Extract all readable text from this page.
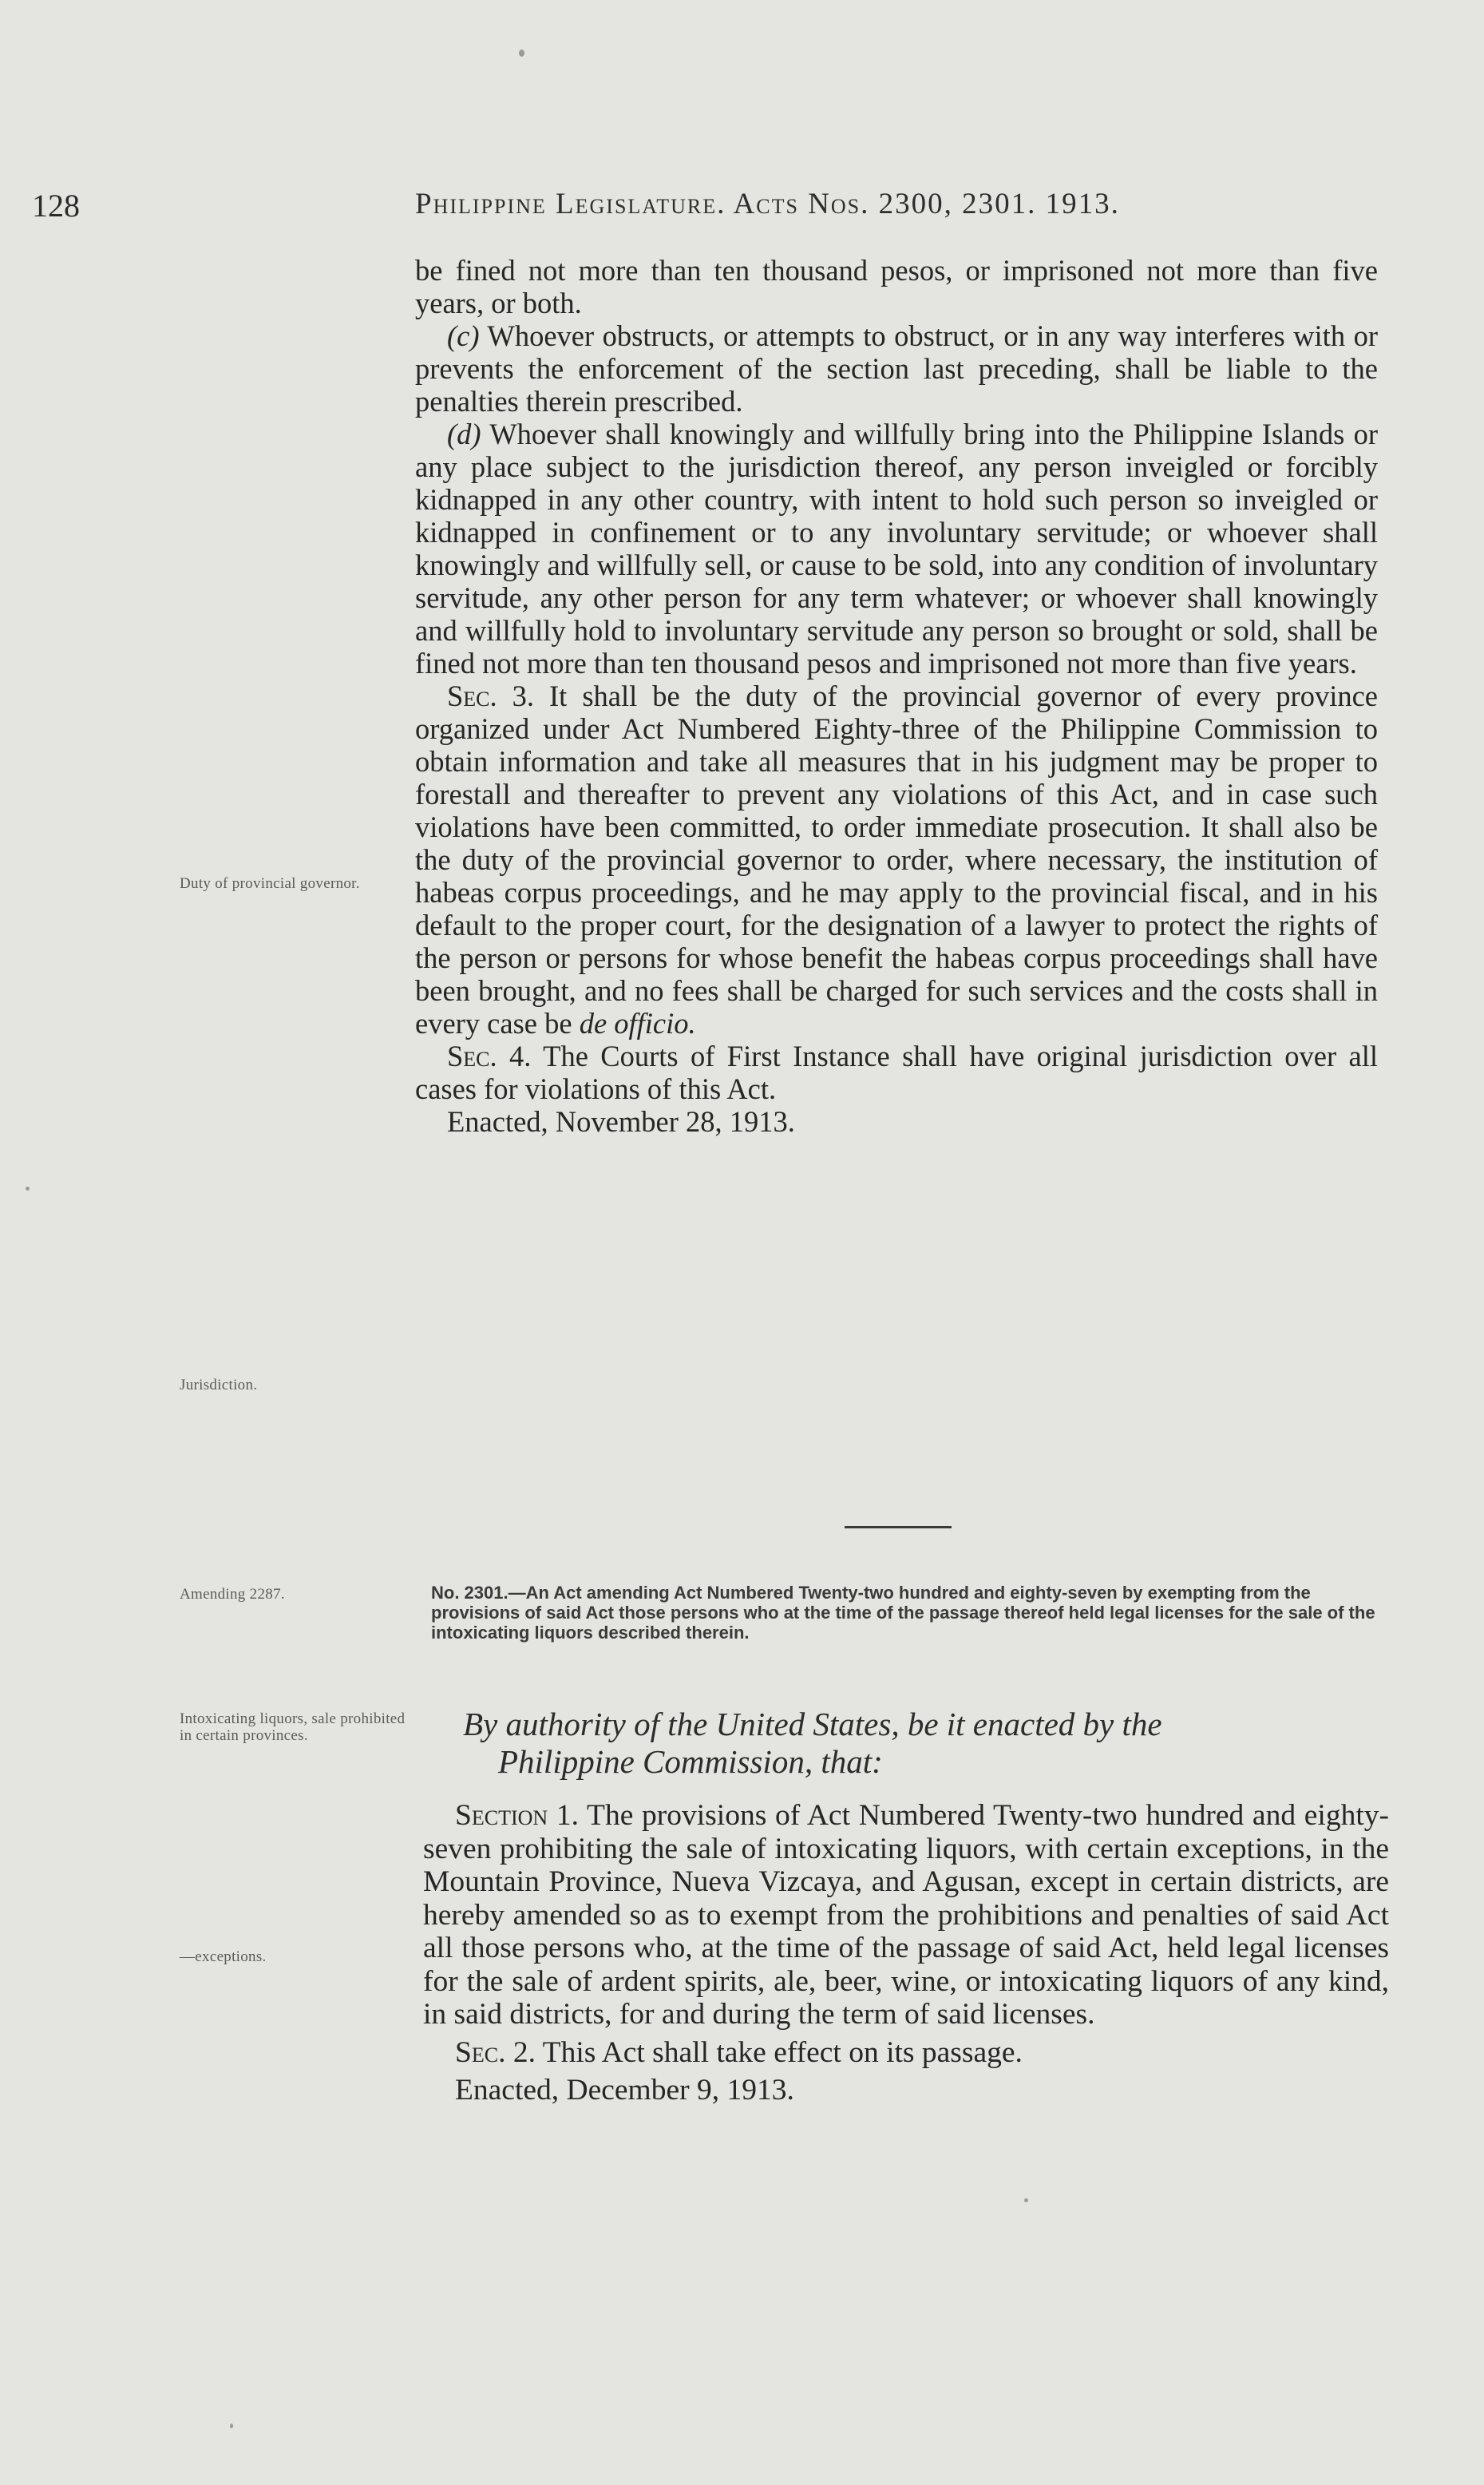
128	Philippine Legislature. Acts Nos. 2300, 2301. 1913.

be fined not more than ten thousand pesos, or imprisoned not more than five years, or both.

(c) Whoever obstructs, or attempts to obstruct, or in any way interferes with or prevents the enforcement of the section last preceding, shall be liable to the penalties therein prescribed.

(d) Whoever shall knowingly and willfully bring into the Philippine Islands or any place subject to the jurisdiction thereof, any person inveigled or forcibly kidnapped in any other country, with intent to hold such person so inveigled or kidnapped in confinement or to any involuntary servitude; or whoever shall knowingly and willfully sell, or cause to be sold, into any condition of involuntary servitude, any other person for any term whatever; or whoever shall knowingly and willfully hold to involuntary servitude any person so brought or sold, shall be fined not more than ten thousand pesos and imprisoned not more than five years.

Sec. 3. It shall be the duty of the provincial governor of every province organized under Act Numbered Eighty-three of the Philippine Commission to obtain information and take all measures that in his judgment may be proper to forestall and thereafter to prevent any violations of this Act, and in case such violations have been committed, to order immediate prosecution. It shall also be the duty of the provincial governor to order, where necessary, the institution of habeas corpus proceedings, and he may apply to the provincial fiscal, and in his default to the proper court, for the designation of a lawyer to protect the rights of the person or persons for whose benefit the habeas corpus proceedings shall have been brought, and no fees shall be charged for such services and the costs shall in every case be de officio.

Sec. 4. The Courts of First Instance shall have original jurisdiction over all cases for violations of this Act.

Enacted, November 28, 1913.

Duty of provincial governor.
Jurisdiction.
Amending 2287.	No. 2301.—An Act amending Act Numbered Twenty-two hundred and eighty-seven by exempting from the provisions of said Act those persons who at the time of the passage thereof held legal licenses for the sale of the intoxicating liquors described therein.
Intoxicating liquors, sale prohibited in certain provinces.	By authority of the United States, be it enacted by the
Philippine Commission, that:
—exceptions.

Section 1. The provisions of Act Numbered Twenty-two hundred and eighty-seven prohibiting the sale of intoxicating liquors, with certain exceptions, in the Mountain Province, Nueva Vizcaya, and Agusan, except in certain districts, are hereby amended so as to exempt from the prohibitions and penalties of said Act all those persons who, at the time of the passage of said Act, held legal licenses for the sale of ardent spirits, ale, beer, wine, or intoxicating liquors of any kind, in said districts, for and during the term of said licenses.

Sec. 2. This Act shall take effect on its passage.

Enacted, December 9, 1913.
